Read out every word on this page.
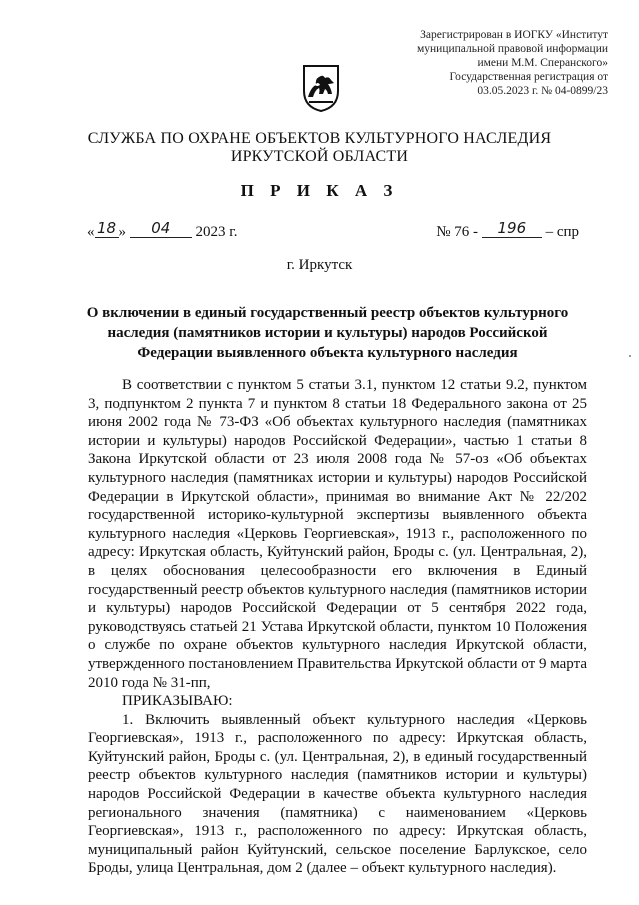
Зарегистрирован в ИОГКУ «Институт
муниципальной правовой информации
имени М.М. Сперанского»
Государственная регистрация от
03.05.2023 г. № 04-0899/23
СЛУЖБА ПО ОХРАНЕ ОБЪЕКТОВ КУЛЬТУРНОГО НАСЛЕДИЯ
ИРКУТСКОЙ ОБЛАСТИ
П Р И К А З
« 18 » 04 2023 г.	№ 76 - 196 – спр
г. Иркутск
О включении в единый государственный реестр объектов культурного наследия (памятников истории и культуры) народов Российской Федерации выявленного объекта культурного наследия

В соответствии с пунктом 5 статьи 3.1, пунктом 12 статьи 9.2, пунктом 3, подпунктом 2 пункта 7 и пунктом 8 статьи 18 Федерального закона от 25 июня 2002 года № 73-ФЗ «Об объектах культурного наследия (памятниках истории и культуры) народов Российской Федерации», частью 1 статьи 8 Закона Иркутской области от 23 июля 2008 года № 57-оз «Об объектах культурного наследия (памятниках истории и культуры) народов Российской Федерации в Иркутской области», принимая во внимание Акт № 22/202 государственной историко-культурной экспертизы выявленного объекта культурного наследия «Церковь Георгиевская», 1913 г., расположенного по адресу: Иркутская область, Куйтунский район, Броды с. (ул. Центральная, 2), в целях обоснования целесообразности его включения в Единый государственный реестр объектов культурного наследия (памятников истории и культуры) народов Российской Федерации от 5 сентября 2022 года, руководствуясь статьей 21 Устава Иркутской области, пунктом 10 Положения о службе по охране объектов культурного наследия Иркутской области, утвержденного постановлением Правительства Иркутской области от 9 марта 2010 года № 31-пп,

ПРИКАЗЫВАЮ:

1. Включить выявленный объект культурного наследия «Церковь Георгиевская», 1913 г., расположенного по адресу: Иркутская область, Куйтунский район, Броды с. (ул. Центральная, 2), в единый государственный реестр объектов культурного наследия (памятников истории и культуры) народов Российской Федерации в качестве объекта культурного наследия регионального значения (памятника) с наименованием «Церковь Георгиевская», 1913 г., расположенного по адресу: Иркутская область, муниципальный район Куйтунский, сельское поселение Барлукское, село Броды, улица Центральная, дом 2 (далее – объект культурного наследия).
